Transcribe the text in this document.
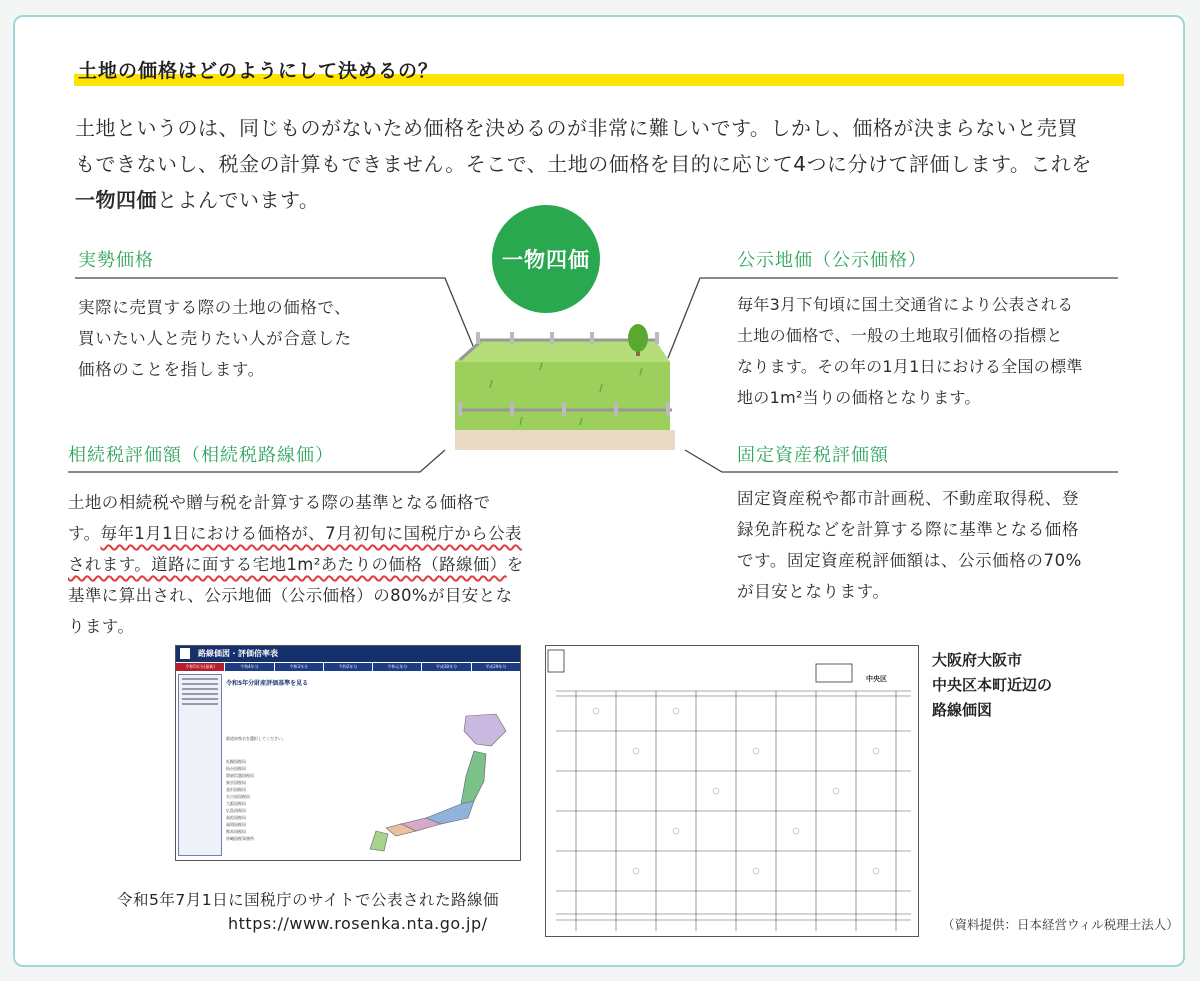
土地の価格はどのようにして決めるの？
土地というのは、同じものがないため価格を決めるのが非常に難しいです。しかし、価格が決まらないと売買
もできないし、税金の計算もできません。そこで、土地の価格を目的に応じて4つに分けて評価します。これを
一物四価とよんでいます。
一物四価
実勢価格
実際に売買する際の土地の価格で、
買いたい人と売りたい人が合意した
価格のことを指します。
公示地価（公示価格）
毎年3月下旬頃に国土交通省により公表される
土地の価格で、一般の土地取引価格の指標と
なります。その年の1月1日における全国の標準
地の1m²当りの価格となります。
相続税評価額（相続税路線価）
土地の相続税や贈与税を計算する際の基準となる価格で
す。毎年1月1日における価格が、7月初旬に国税庁から公表
されます。道路に面する宅地1m²あたりの価格（路線価）を
基準に算出され、公示地価（公示価格）の80%が目安とな
ります。
固定資産税評価額
固定資産税や都市計画税、不動産取得税、登
録免許税などを計算する際に基準となる価格
です。固定資産税評価額は、公示価格の70%
が目安となります。
路線価図・評価倍率表
令和5年分(最新)	令和4年分	令和3年分	令和2年分	令和元年分	平成30年分	平成29年分
令和5年分財産評価基準を見る
都道府県名を選択してください。
札幌国税局
仙台国税局
関東信越国税局
東京国税局
金沢国税局
名古屋国税局
大阪国税局
広島国税局
高松国税局
福岡国税局
熊本国税局
沖縄国税事務所
令和5年7月1日に国税庁のサイトで公表された路線価
https://www.rosenka.nta.go.jp/
中央区
大阪府大阪市
中央区本町近辺の
路線価図
（資料提供：日本経営ウィル税理士法人）
